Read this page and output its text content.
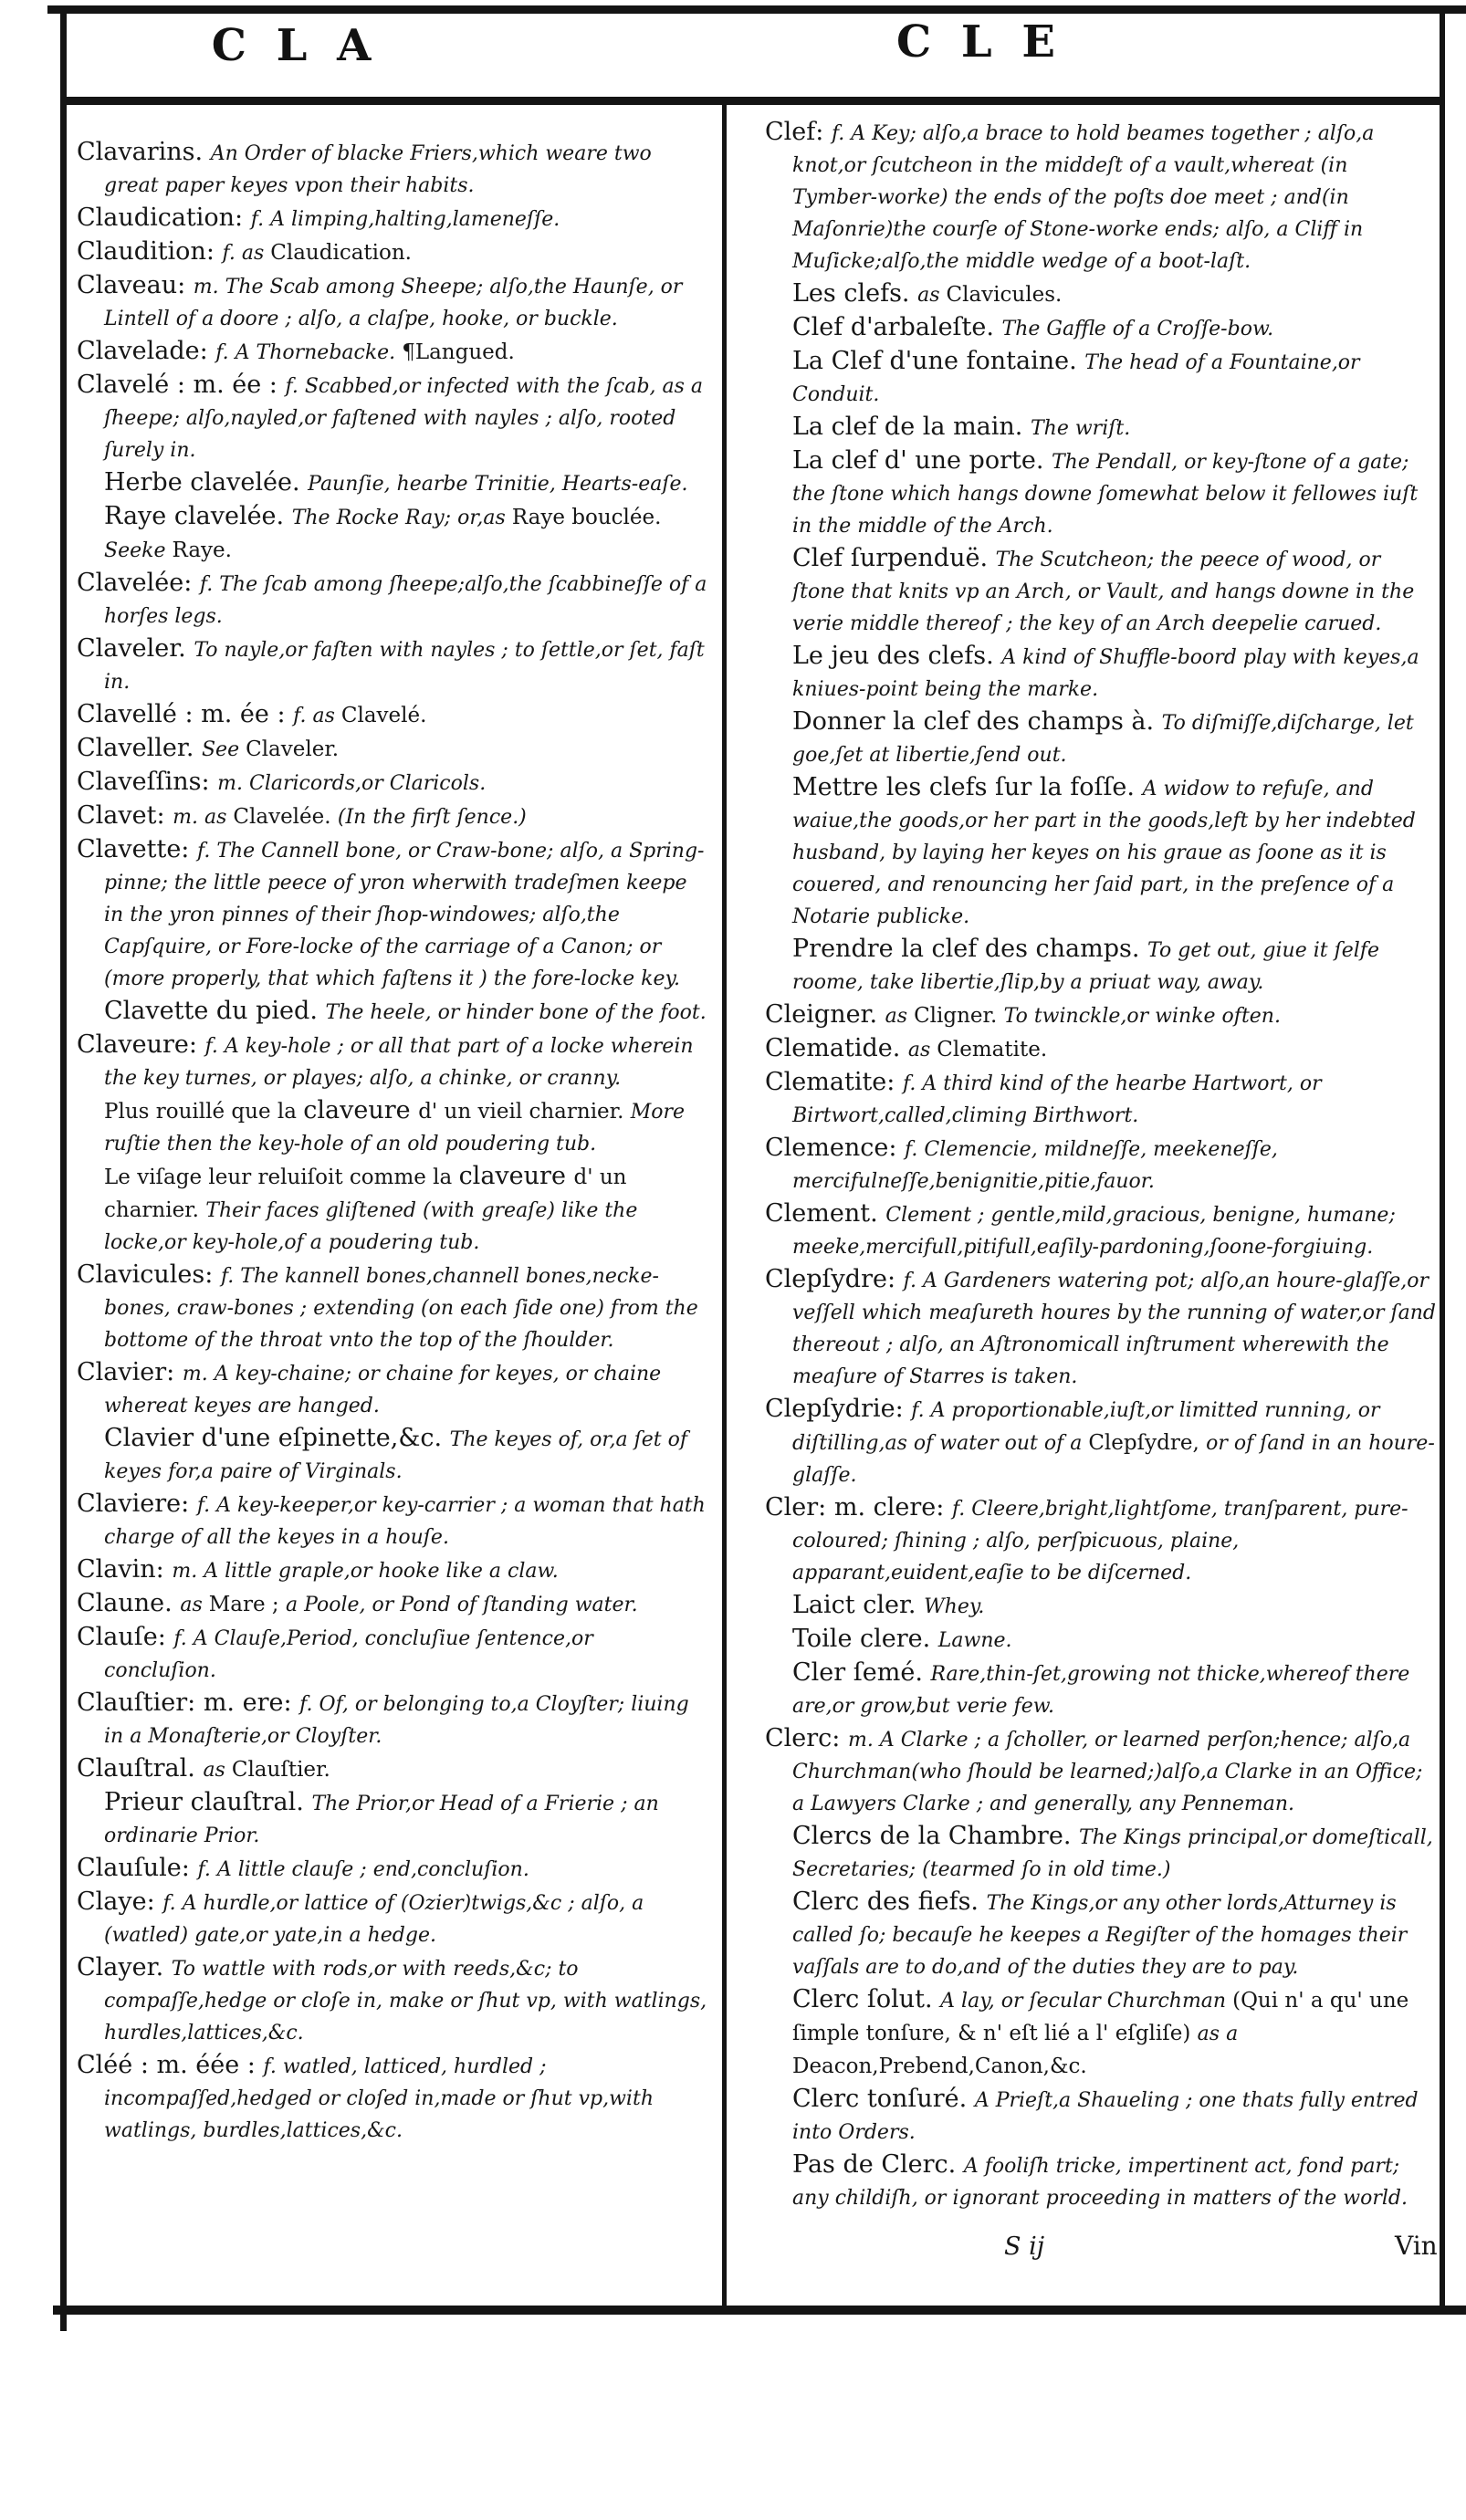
C L A	C L E
Clavarins. An Order of blacke Friers,which weare two great paper keyes vpon their habits.
Claudication: f. A limping,halting,lameneſſe.
Claudition: f. as Claudication.
Claveau: m. The Scab among Sheepe; alſo,the Haunſe, or Lintell of a doore ; alſo, a claſpe, hooke, or buckle.
Clavelade: f. A Thornebacke. ¶Langued.
Clavelé : m. ée : f. Scabbed,or infected with the ſcab, as a ſheepe; alſo,nayled,or faſtened with nayles ; alſo, rooted ſurely in.
Herbe clavelée. Paunſie, hearbe Trinitie, Hearts-eaſe.
Raye clavelée. The Rocke Ray; or,as Raye bouclée. Seeke Raye.
Clavelée: f. The ſcab among ſheepe;alſo,the ſcabbineſſe of a horſes legs.
Claveler. To nayle,or faſten with nayles ; to ſettle,or ſet, faſt in.
Clavellé : m. ée : f. as Clavelé.
Claveller. See Claveler.
Claveſſins: m. Claricords,or Claricols.
Clavet: m. as Clavelée. (In the firſt ſence.)
Clavette: f. The Cannell bone, or Craw-bone; alſo, a Spring-pinne; the little peece of yron wherwith tradeſmen keepe in the yron pinnes of their ſhop-windowes; alſo,the Capſquire, or Fore-locke of the carriage of a Canon; or (more properly, that which faſtens it ) the fore-locke key.
Clavette du pied. The heele, or hinder bone of the foot.
Claveure: f. A key-hole ; or all that part of a locke wherein the key turnes, or playes; alſo, a chinke, or cranny.
Plus rouillé que la claveure d' un vieil charnier. More ruſtie then the key-hole of an old poudering tub.
Le viſage leur reluiſoit comme la claveure d' un charnier. Their faces gliſtened (with greaſe) like the locke,or key-hole,of a poudering tub.
Clavicules: f. The kannell bones,channell bones,necke-bones, craw-bones ; extending (on each ſide one) from the bottome of the throat vnto the top of the ſhoulder.
Clavier: m. A key-chaine; or chaine for keyes, or chaine whereat keyes are hanged.
Clavier d'une eſpinette,&c. The keyes of, or,a ſet of keyes for,a paire of Virginals.
Claviere: f. A key-keeper,or key-carrier ; a woman that hath charge of all the keyes in a houſe.
Clavin: m. A little graple,or hooke like a claw.
Claune. as Mare ; a Poole, or Pond of ſtanding water.
Clauſe: f. A Clauſe,Period, concluſiue ſentence,or concluſion.
Clauſtier: m. ere: f. Of, or belonging to,a Cloyſter; liuing in a Monaſterie,or Cloyſter.
Clauſtral. as Clauſtier.
Prieur clauſtral. The Prior,or Head of a Frierie ; an ordinarie Prior.
Clauſule: f. A little clauſe ; end,concluſion.
Claye: f. A hurdle,or lattice of (Ozier)twigs,&c ; alſo, a (watled) gate,or yate,in a hedge.
Clayer. To wattle with rods,or with reeds,&c; to compaſſe,hedge or cloſe in, make or ſhut vp, with watlings, hurdles,lattices,&c.
Cléé : m. éée : f. watled, latticed, hurdled ; incompaſſed,hedged or cloſed in,made or ſhut vp,with watlings, burdles,lattices,&c.
Clef: f. A Key; alſo,a brace to hold beames together ; alſo,a knot,or ſcutcheon in the middeſt of a vault,whereat (in Tymber-worke) the ends of the poſts doe meet ; and(in Maſonrie)the courſe of Stone-worke ends; alſo, a Cliff in Muſicke;alſo,the middle wedge of a boot-laſt.
Les clefs. as Clavicules.
Clef d'arbaleſte. The Gaffle of a Croſſe-bow.
La Clef d'une fontaine. The head of a Fountaine,or Conduit.
La clef de la main. The wriſt.
La clef d' une porte. The Pendall, or key-ſtone of a gate; the ſtone which hangs downe ſomewhat below it fellowes iuſt in the middle of the Arch.
Clef ſurpenduë. The Scutcheon; the peece of wood, or ſtone that knits vp an Arch, or Vault, and hangs downe in the verie middle thereof ; the key of an Arch deepelie carued.
Le jeu des clefs. A kind of Shuffle-boord play with keyes,a kniues-point being the marke.
Donner la clef des champs à. To diſmiſſe,diſcharge, let goe,ſet at libertie,ſend out.
Mettre les clefs ſur la foſſe. A widow to refuſe, and waiue,the goods,or her part in the goods,left by her indebted husband, by laying her keyes on his graue as ſoone as it is couered, and renouncing her ſaid part, in the preſence of a Notarie publicke.
Prendre la clef des champs. To get out, giue it ſelfe roome, take libertie,ſlip,by a priuat way, away.
Cleigner. as Cligner. To twinckle,or winke often.
Clematide. as Clematite.
Clematite: f. A third kind of the hearbe Hartwort, or Birtwort,called,climing Birthwort.
Clemence: f. Clemencie, mildneſſe, meekeneſſe, mercifulneſſe,benignitie,pitie,fauor.
Clement. Clement ; gentle,mild,gracious, benigne, humane; meeke,mercifull,pitifull,eaſily-pardoning,ſoone-forgiuing.
Clepſydre: f. A Gardeners watering pot; alſo,an houre-glaſſe,or veſſell which meaſureth houres by the running of water,or ſand thereout ; alſo, an Aſtronomicall inſtrument wherewith the meaſure of Starres is taken.
Clepſydrie: f. A proportionable,iuſt,or limitted running, or diſtilling,as of water out of a Clepſydre, or of ſand in an houre-glaſſe.
Cler: m. clere: f. Cleere,bright,lightſome, tranſparent, pure-coloured; ſhining ; alſo, perſpicuous, plaine, apparant,euident,eaſie to be diſcerned.
Laict cler. Whey.
Toile clere. Lawne.
Cler ſemé. Rare,thin-ſet,growing not thicke,whereof there are,or grow,but verie few.
Clerc: m. A Clarke ; a ſcholler, or learned perſon;hence; alſo,a Churchman(who ſhould be learned;)alſo,a Clarke in an Office; a Lawyers Clarke ; and generally, any Penneman.
Clercs de la Chambre. The Kings principal,or domeſticall, Secretaries; (tearmed ſo in old time.)
Clerc des fiefs. The Kings,or any other lords,Atturney is called ſo; becauſe he keepes a Regiſter of the homages their vaſſals are to do,and of the duties they are to pay.
Clerc ſolut. A lay, or ſecular Churchman (Qui n' a qu' une ſimple tonſure, & n' eſt lié a l' eſgliſe) as a Deacon,Prebend,Canon,&c.
Clerc tonſuré. A Prieſt,a Shaueling ; one thats fully entred into Orders.
Pas de Clerc. A fooliſh tricke, impertinent act, fond part; any childiſh, or ignorant proceeding in matters of the world.
S ij	Vin
